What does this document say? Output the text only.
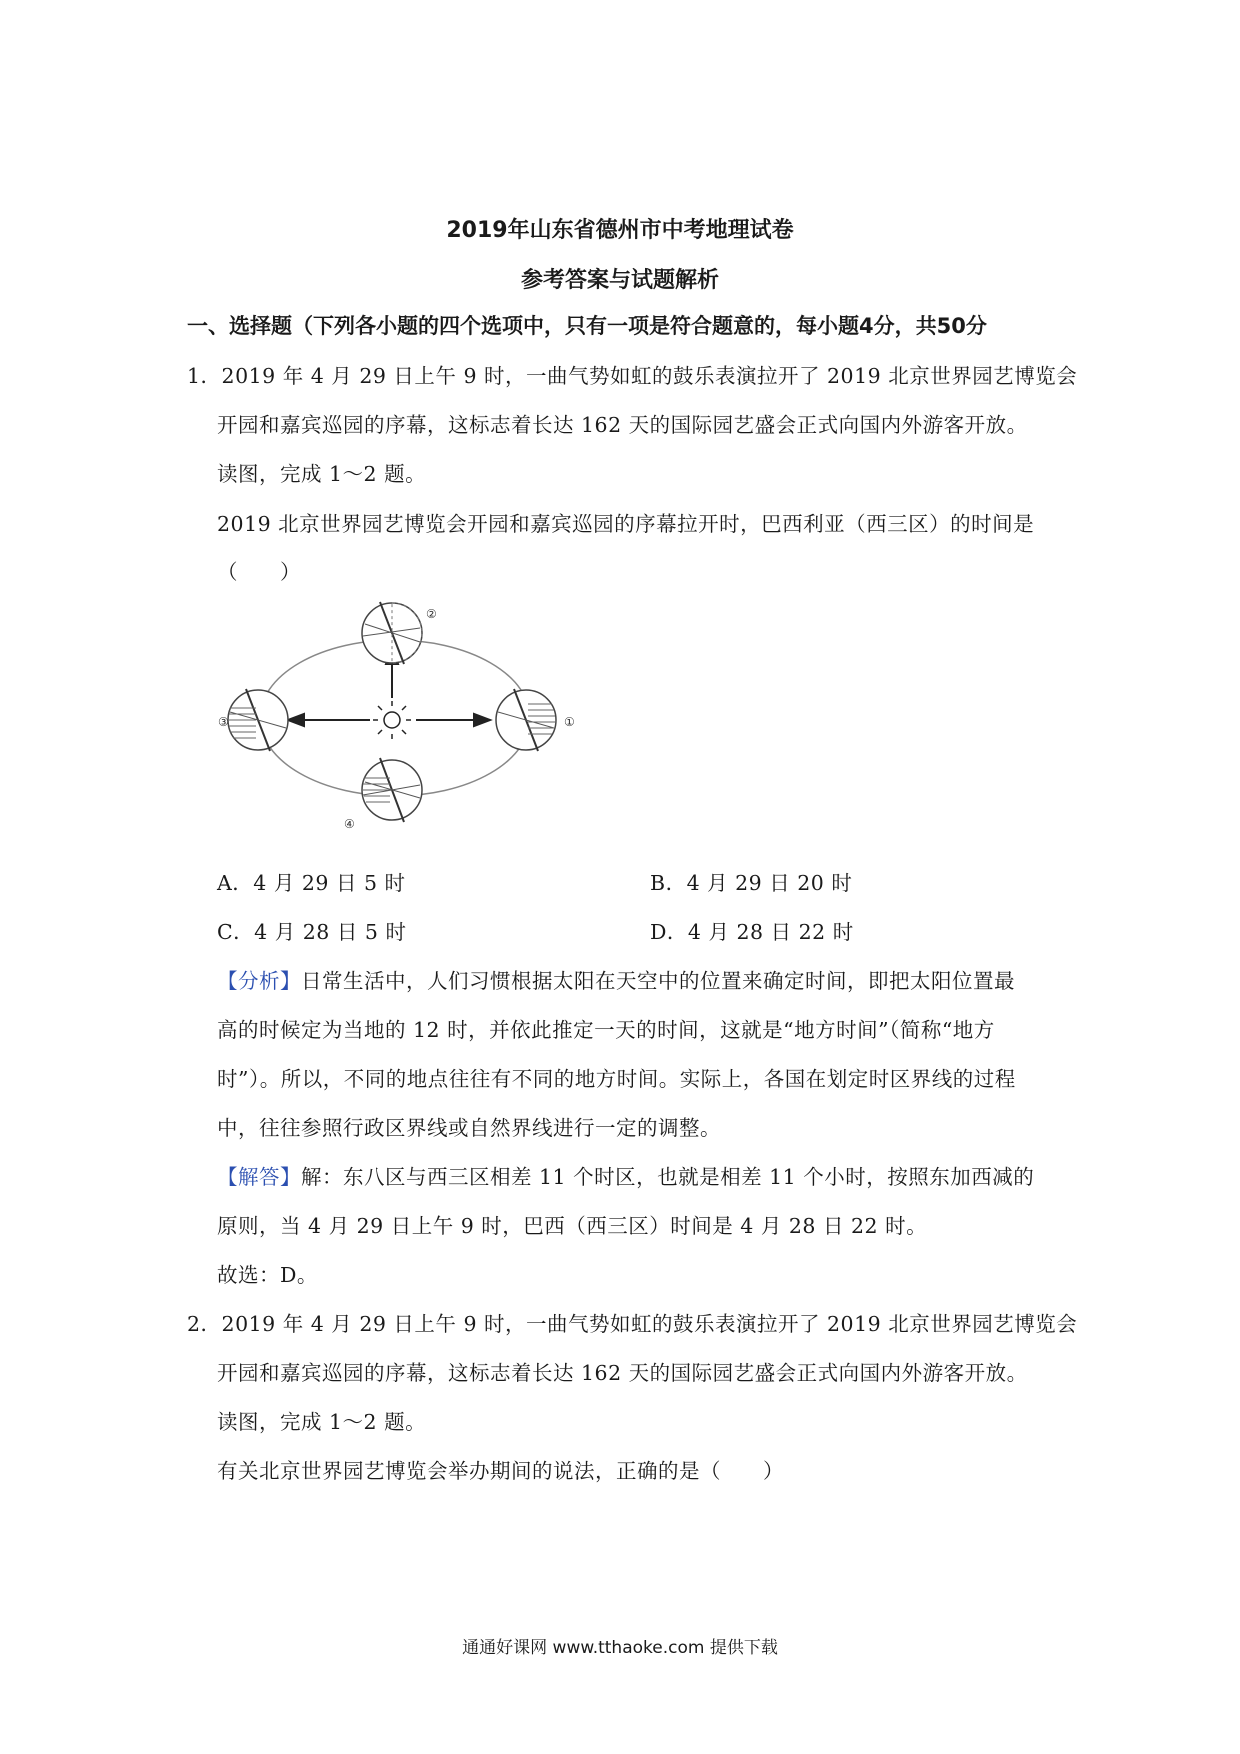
2019年山东省德州市中考地理试卷
参考答案与试题解析
一、选择题（下列各小题的四个选项中，只有一项是符合题意的，每小题4分，共50分
1．2019 年 4 月 29 日上午 9 时，一曲气势如虹的鼓乐表演拉开了 2019 北京世界园艺博览会
开园和嘉宾巡园的序幕，这标志着长达 162 天的国际园艺盛会正式向国内外游客开放。
读图，完成 1～2 题。
2019 北京世界园艺博览会开园和嘉宾巡园的序幕拉开时，巴西利亚（西三区）的时间是
（　　）
①
②
③
④
A．4 月 29 日 5 时	B．4 月 29 日 20 时
C．4 月 28 日 5 时	D．4 月 28 日 22 时
【分析】日常生活中，人们习惯根据太阳在天空中的位置来确定时间，即把太阳位置最
高的时候定为当地的 12 时，并依此推定一天的时间，这就是“地方时间”（简称“地方
时”）。所以，不同的地点往往有不同的地方时间。实际上，各国在划定时区界线的过程
中，往往参照行政区界线或自然界线进行一定的调整。
【解答】解：东八区与西三区相差 11 个时区，也就是相差 11 个小时，按照东加西减的
原则，当 4 月 29 日上午 9 时，巴西（西三区）时间是 4 月 28 日 22 时。
故选：D。
2．2019 年 4 月 29 日上午 9 时，一曲气势如虹的鼓乐表演拉开了 2019 北京世界园艺博览会
开园和嘉宾巡园的序幕，这标志着长达 162 天的国际园艺盛会正式向国内外游客开放。
读图，完成 1～2 题。
有关北京世界园艺博览会举办期间的说法，正确的是（　　）
通通好课网 www.tthaoke.com 提供下载
